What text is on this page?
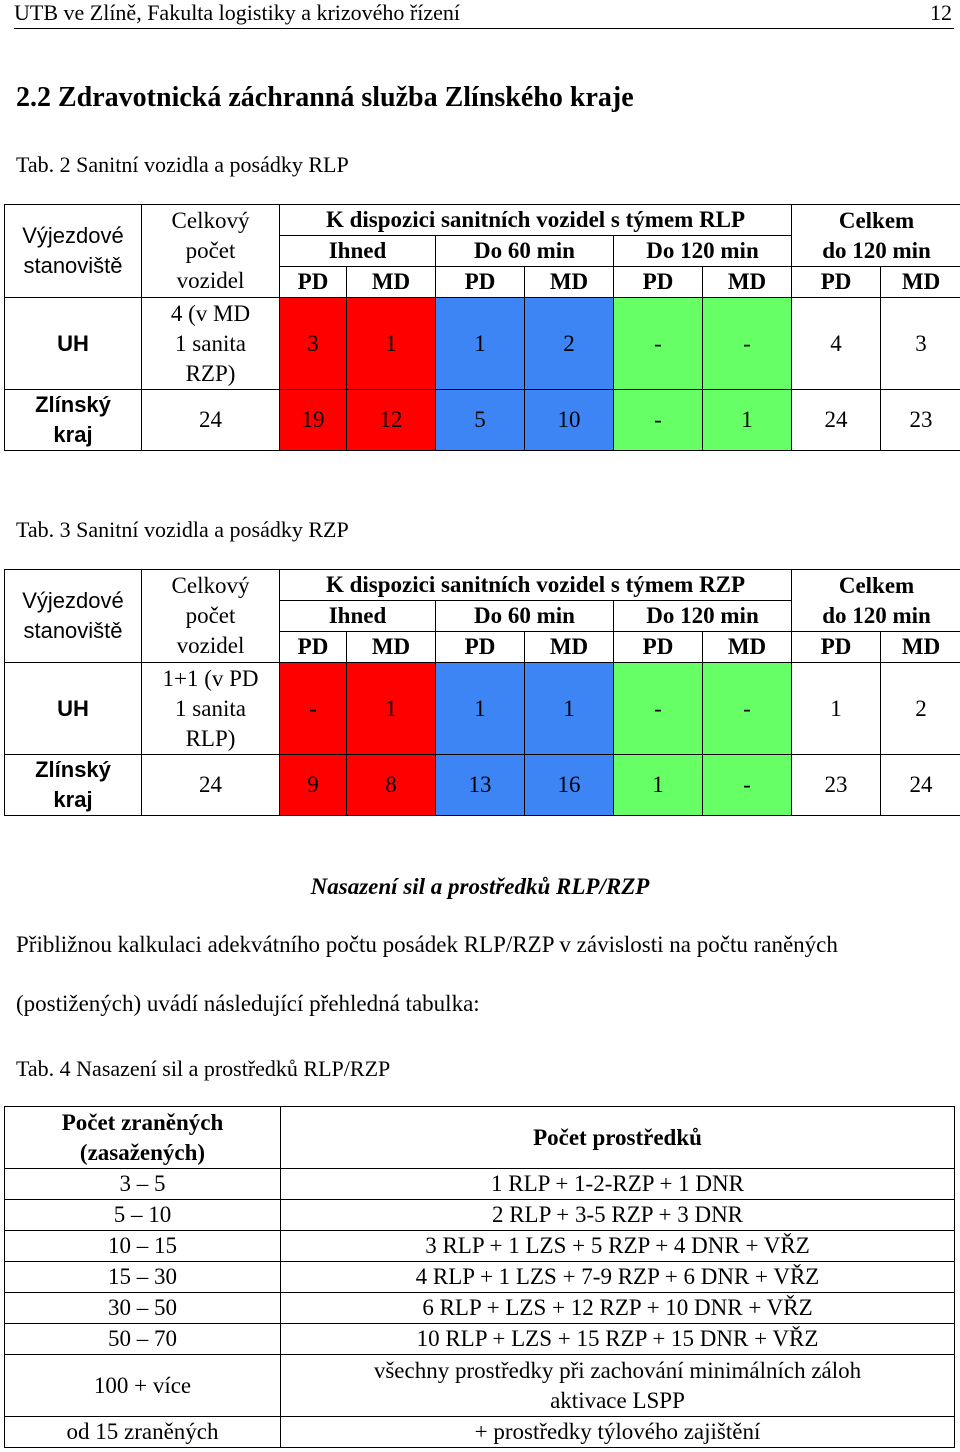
UTB ve Zlíně, Fakulta logistiky a krizového řízení	12
2.2 Zdravotnická záchranná služba Zlínského kraje
Tab. 2 Sanitní vozidla a posádky RLP
Výjezdové
stanoviště	Celkový
počet
vozidel	K dispozici sanitních vozidel s týmem RLP						Celkem
do 120 min	
		Ihned		Do 60 min		Do 120 min			
		PD	MD	PD	MD	PD	MD	PD	MD
UH	4 (v MD
1 sanita
RZP)	3	1	1	2	-	-	4	3
Zlínský
kraj	24	19	12	5	10	-	1	24	23
Tab. 3 Sanitní vozidla a posádky RZP
Výjezdové
stanoviště	Celkový
počet
vozidel	K dispozici sanitních vozidel s týmem RZP						Celkem
do 120 min	
		Ihned		Do 60 min		Do 120 min			
		PD	MD	PD	MD	PD	MD	PD	MD
UH	1+1 (v PD
1 sanita
RLP)	-	1	1	1	-	-	1	2
Zlínský
kraj	24	9	8	13	16	1	-	23	24
Nasazení sil a prostředků RLP/RZP
Přibližnou kalkulaci adekvátního počtu posádek RLP/RZP v závislosti na počtu raněných
(postižených) uvádí následující přehledná tabulka:
Tab. 4 Nasazení sil a prostředků RLP/RZP
Počet zraněných
(zasažených)	Počet prostředků
3 – 5	1 RLP + 1-2-RZP + 1 DNR
5 – 10	2 RLP + 3-5 RZP + 3 DNR
10 – 15	3 RLP + 1 LZS + 5 RZP + 4 DNR + VŘZ
15 – 30	4 RLP + 1 LZS + 7-9 RZP + 6 DNR + VŘZ
30 – 50	6 RLP + LZS + 12 RZP + 10 DNR + VŘZ
50 – 70	10 RLP + LZS + 15 RZP + 15 DNR + VŘZ
100 + více	všechny prostředky při zachování minimálních záloh
aktivace LSPP
od 15 zraněných	+ prostředky týlového zajištění
